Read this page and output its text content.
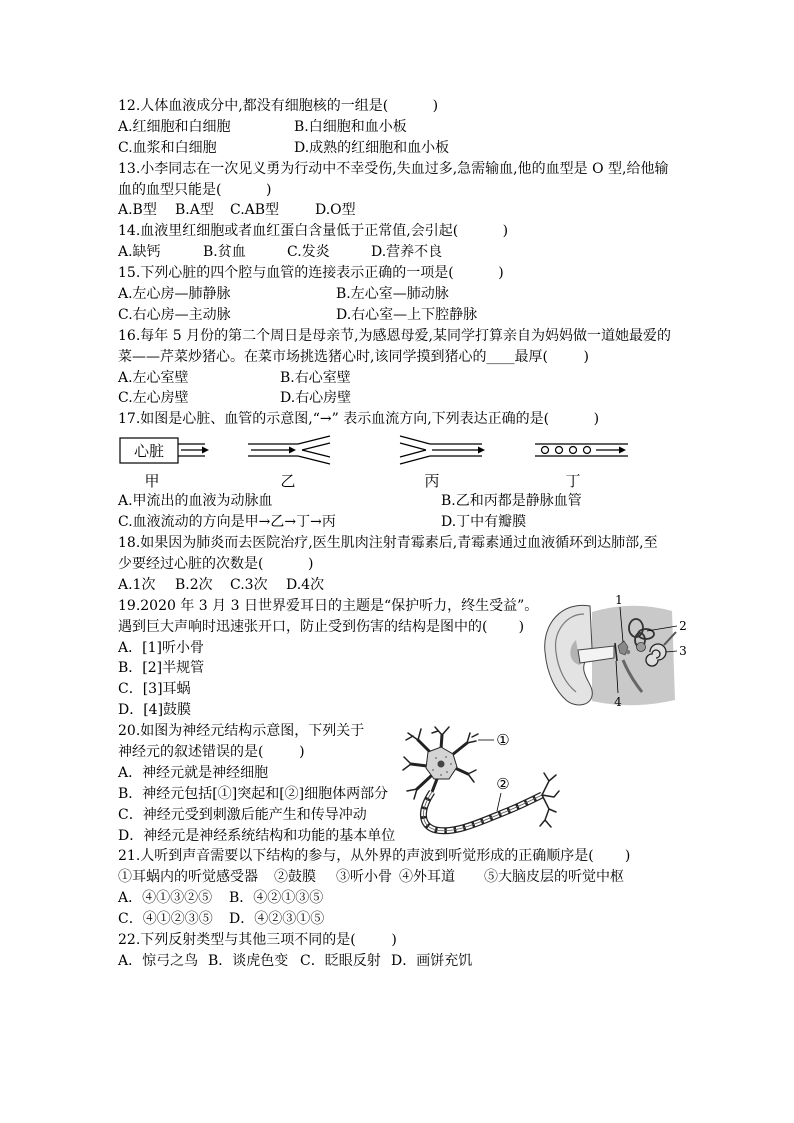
12.人体血液成分中,都没有细胞核的一组是(          )

A.红细胞和白细胞

	B.白细胞和血小板

C.血浆和白细胞

	D.成熟的红细胞和血小板

13.小李同志在一次见义勇为行动中不幸受伤,失血过多,急需输血,他的血型是 O 型,给他输
血的血型只能是(          )

A.B型

B.A型

C.AB型

	D.O型

14.血液里红细胞或者血红蛋白含量低于正常值,会引起(          )

A.缺钙

	B.贫血

	C.发炎

	D.营养不良

15.下列心脏的四个腔与血管的连接表示正确的一项是(          )

A.左心房—肺静脉

	B.左心室—肺动脉

C.右心房—主动脉

	D.右心室—上下腔静脉

16.每年 5 月份的第二个周日是母亲节,为感恩母爱,某同学打算亲自为妈妈做一道她最爱的
菜——芹菜炒猪心。在菜市场挑选猪心时,该同学摸到猪心的____最厚(        )

A.左心室壁

	B.右心室壁

C.左心房壁

	D.右心房壁

17.如图是心脏、血管的示意图,“→” 表示血流方向,下列表达正确的是(          )

A.甲流出的血液为动脉血

	B.乙和丙都是静脉血管

C.血液流动的方向是甲→乙→丁→丙

	D.丁中有瓣膜

18.如果因为肺炎而去医院治疗,医生肌肉注射青霉素后,青霉素通过血液循环到达肺部,至
少要经过心脏的次数是(          )

A.1次

B.2次

C.3次

D.4次

19.2020 年 3 月 3 日世界爱耳日的主题是“保护听力，终生受益”。
遇到巨大声响时迅速张开口，防止受到伤害的结构是图中的(       )
A．[1]听小骨
B．[2]半规管
C．[3]耳蜗
D．[4]鼓膜
20.如图为神经元结构示意图，下列关于
神经元的叙述错误的是(        )
A．神经元就是神经细胞
B．神经元包括[①]突起和[②]细胞体两部分
C．神经元受到刺激后能产生和传导冲动
D．神经元是神经系统结构和功能的基本单位
21.人听到声音需要以下结构的参与，从外界的声波到听觉形成的正确顺序是(       )

①耳蜗内的听觉感受器

②鼓膜

③听小骨

④外耳道

⑤大脑皮层的听觉中枢

A．④①③②⑤

B．④②①③⑤

C．④①②③⑤

D．④②③①⑤

22.下列反射类型与其他三项不同的是(        )

A．惊弓之鸟

B．谈虎色变

C．眨眼反射

D．画饼充饥

心脏
甲	乙	丙	丁
1
2
3
4
①
②
